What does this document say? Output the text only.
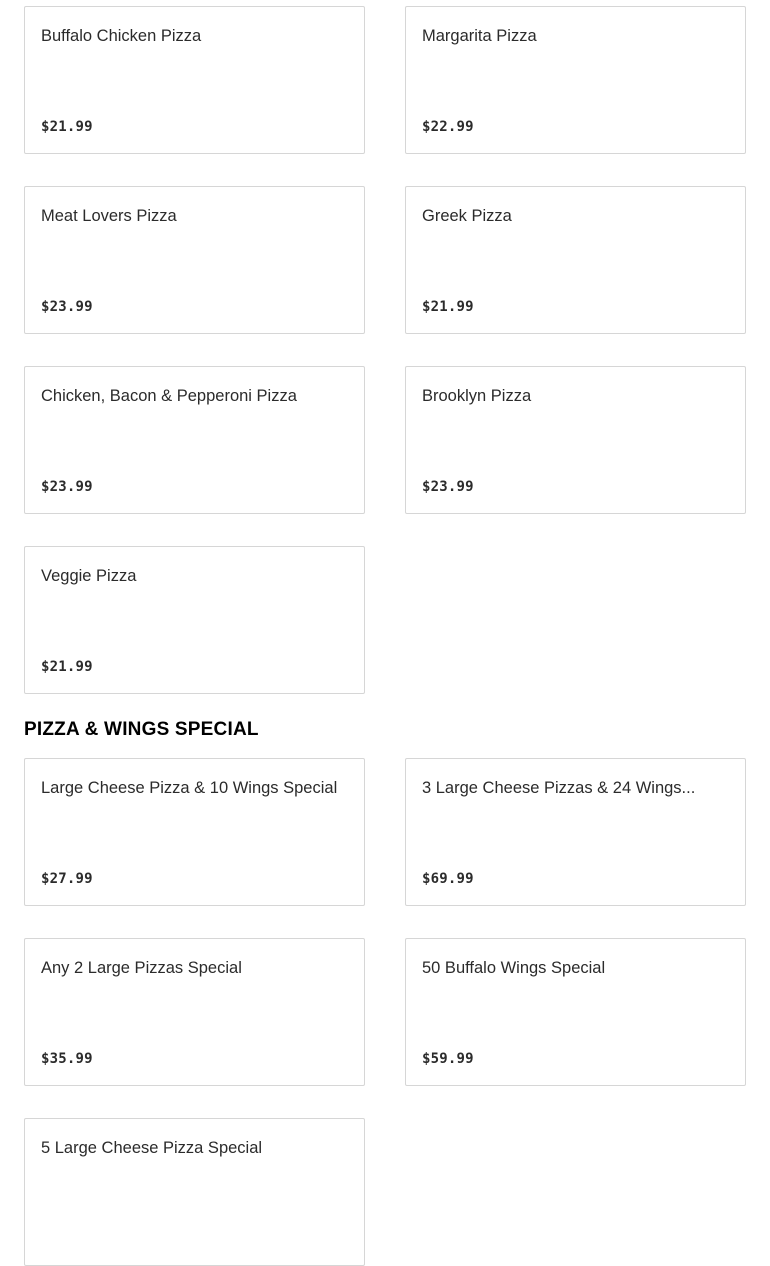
Buffalo Chicken Pizza
$21.99
Margarita Pizza
$22.99
Meat Lovers Pizza
$23.99
Greek Pizza
$21.99
Chicken, Bacon & Pepperoni Pizza
$23.99
Brooklyn Pizza
$23.99
Veggie Pizza
$21.99
PIZZA & WINGS SPECIAL
Large Cheese Pizza & 10 Wings Special
$27.99
3 Large Cheese Pizzas & 24 Wings...
$69.99
Any 2 Large Pizzas Special
$35.99
50 Buffalo Wings Special
$59.99
5 Large Cheese Pizza Special
